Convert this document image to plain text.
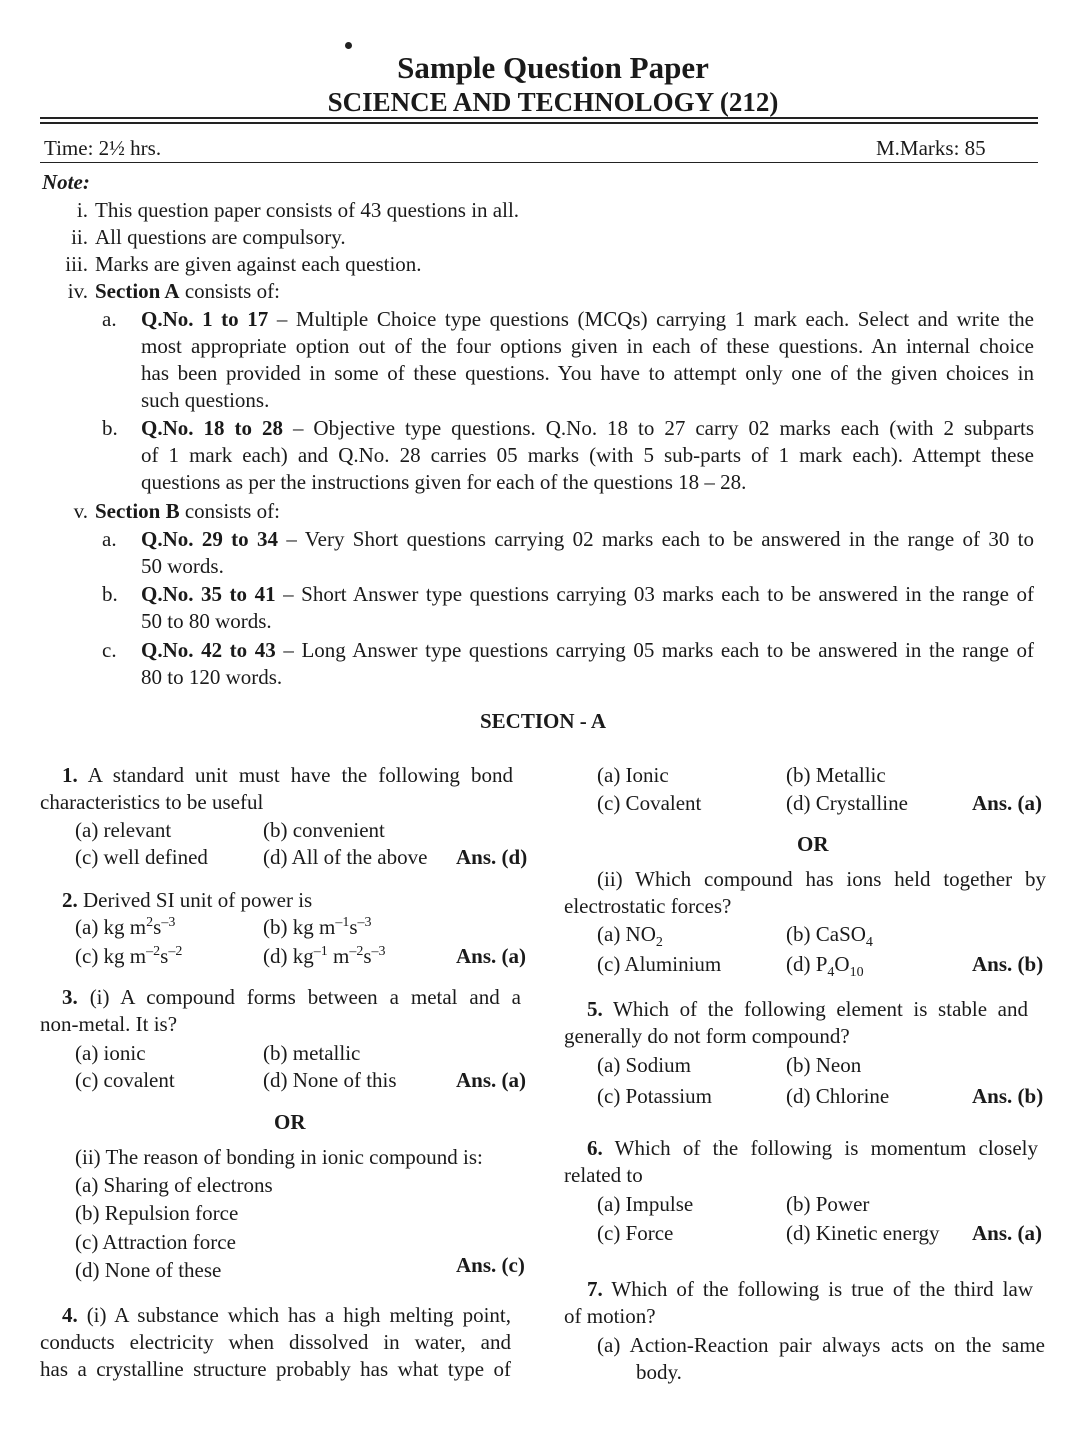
Sample Question Paper
SCIENCE AND TECHNOLOGY (212)
Time: 2½ hrs.	M.Marks: 85
Note:
i. This question paper consists of 43 questions in all.
ii. All questions are compulsory.
iii. Marks are given against each question.
iv. Section A consists of:
a. Q.No. 1 to 17 – Multiple Choice type questions (MCQs) carrying 1 mark each. Select and write the
most appropriate option out of the four options given in each of these questions. An internal choice
has been provided in some of these questions. You have to attempt only one of the given choices in
such questions.
b. Q.No. 18 to 28 – Objective type questions. Q.No. 18 to 27 carry 02 marks each (with 2 subparts
of 1 mark each) and Q.No. 28 carries 05 marks (with 5 sub-parts of 1 mark each). Attempt these
questions as per the instructions given for each of the questions 18 – 28.
v. Section B consists of:
a. Q.No. 29 to 34 – Very Short questions carrying 02 marks each to be answered in the range of 30 to
50 words.
b. Q.No. 35 to 41 – Short Answer type questions carrying 03 marks each to be answered in the range of
50 to 80 words.
c. Q.No. 42 to 43 – Long Answer type questions carrying 05 marks each to be answered in the range of
80 to 120 words.
SECTION - A
1. A standard unit must have the following bond
characteristics to be useful
(a) relevant	(b) convenient
(c) well defined	(d) All of the above Ans. (d)
2. Derived SI unit of power is
(a) kg $m^2s^{-3}$	(b) kg $m^{-1}s^{-3}$
(c) kg $m^{-2}s^{-2}$	(d) $kg^{-1}$ $m^{-2}s^{-3}$	Ans. (a)
3. (i) A compound forms between a metal and a
non-metal. It is?
(a) ionic	(b) metallic
(c) covalent	(d) None of this	Ans. (a)
OR
(ii) The reason of bonding in ionic compound is:
(a) Sharing of electrons
(b) Repulsion force
(c) Attraction force
(d) None of these	Ans. (c)
4. (i) A substance which has a high melting point,
conducts electricity when dissolved in water, and
has a crystalline structure probably has what type of
(a) Ionic	(b) Metallic
(c) Covalent	(d) Crystalline	Ans. (a)
OR
(ii) Which compound has ions held together by
electrostatic forces?
(a) $NO_2$	(b) CaSO$_4$
(c) Aluminium	(d) $P_4O_{10}$	Ans. (b)
5. Which of the following element is stable and
generally do not form compound?
(a) Sodium	(b) Neon
(c) Potassium	(d) Chlorine	Ans. (b)
6. Which of the following is momentum closely
related to
(a) Impulse	(b) Power
(c) Force	(d) Kinetic energy Ans. (a)
7. Which of the following is true of the third law
of motion?
(a) Action-Reaction pair always acts on the same
body.
